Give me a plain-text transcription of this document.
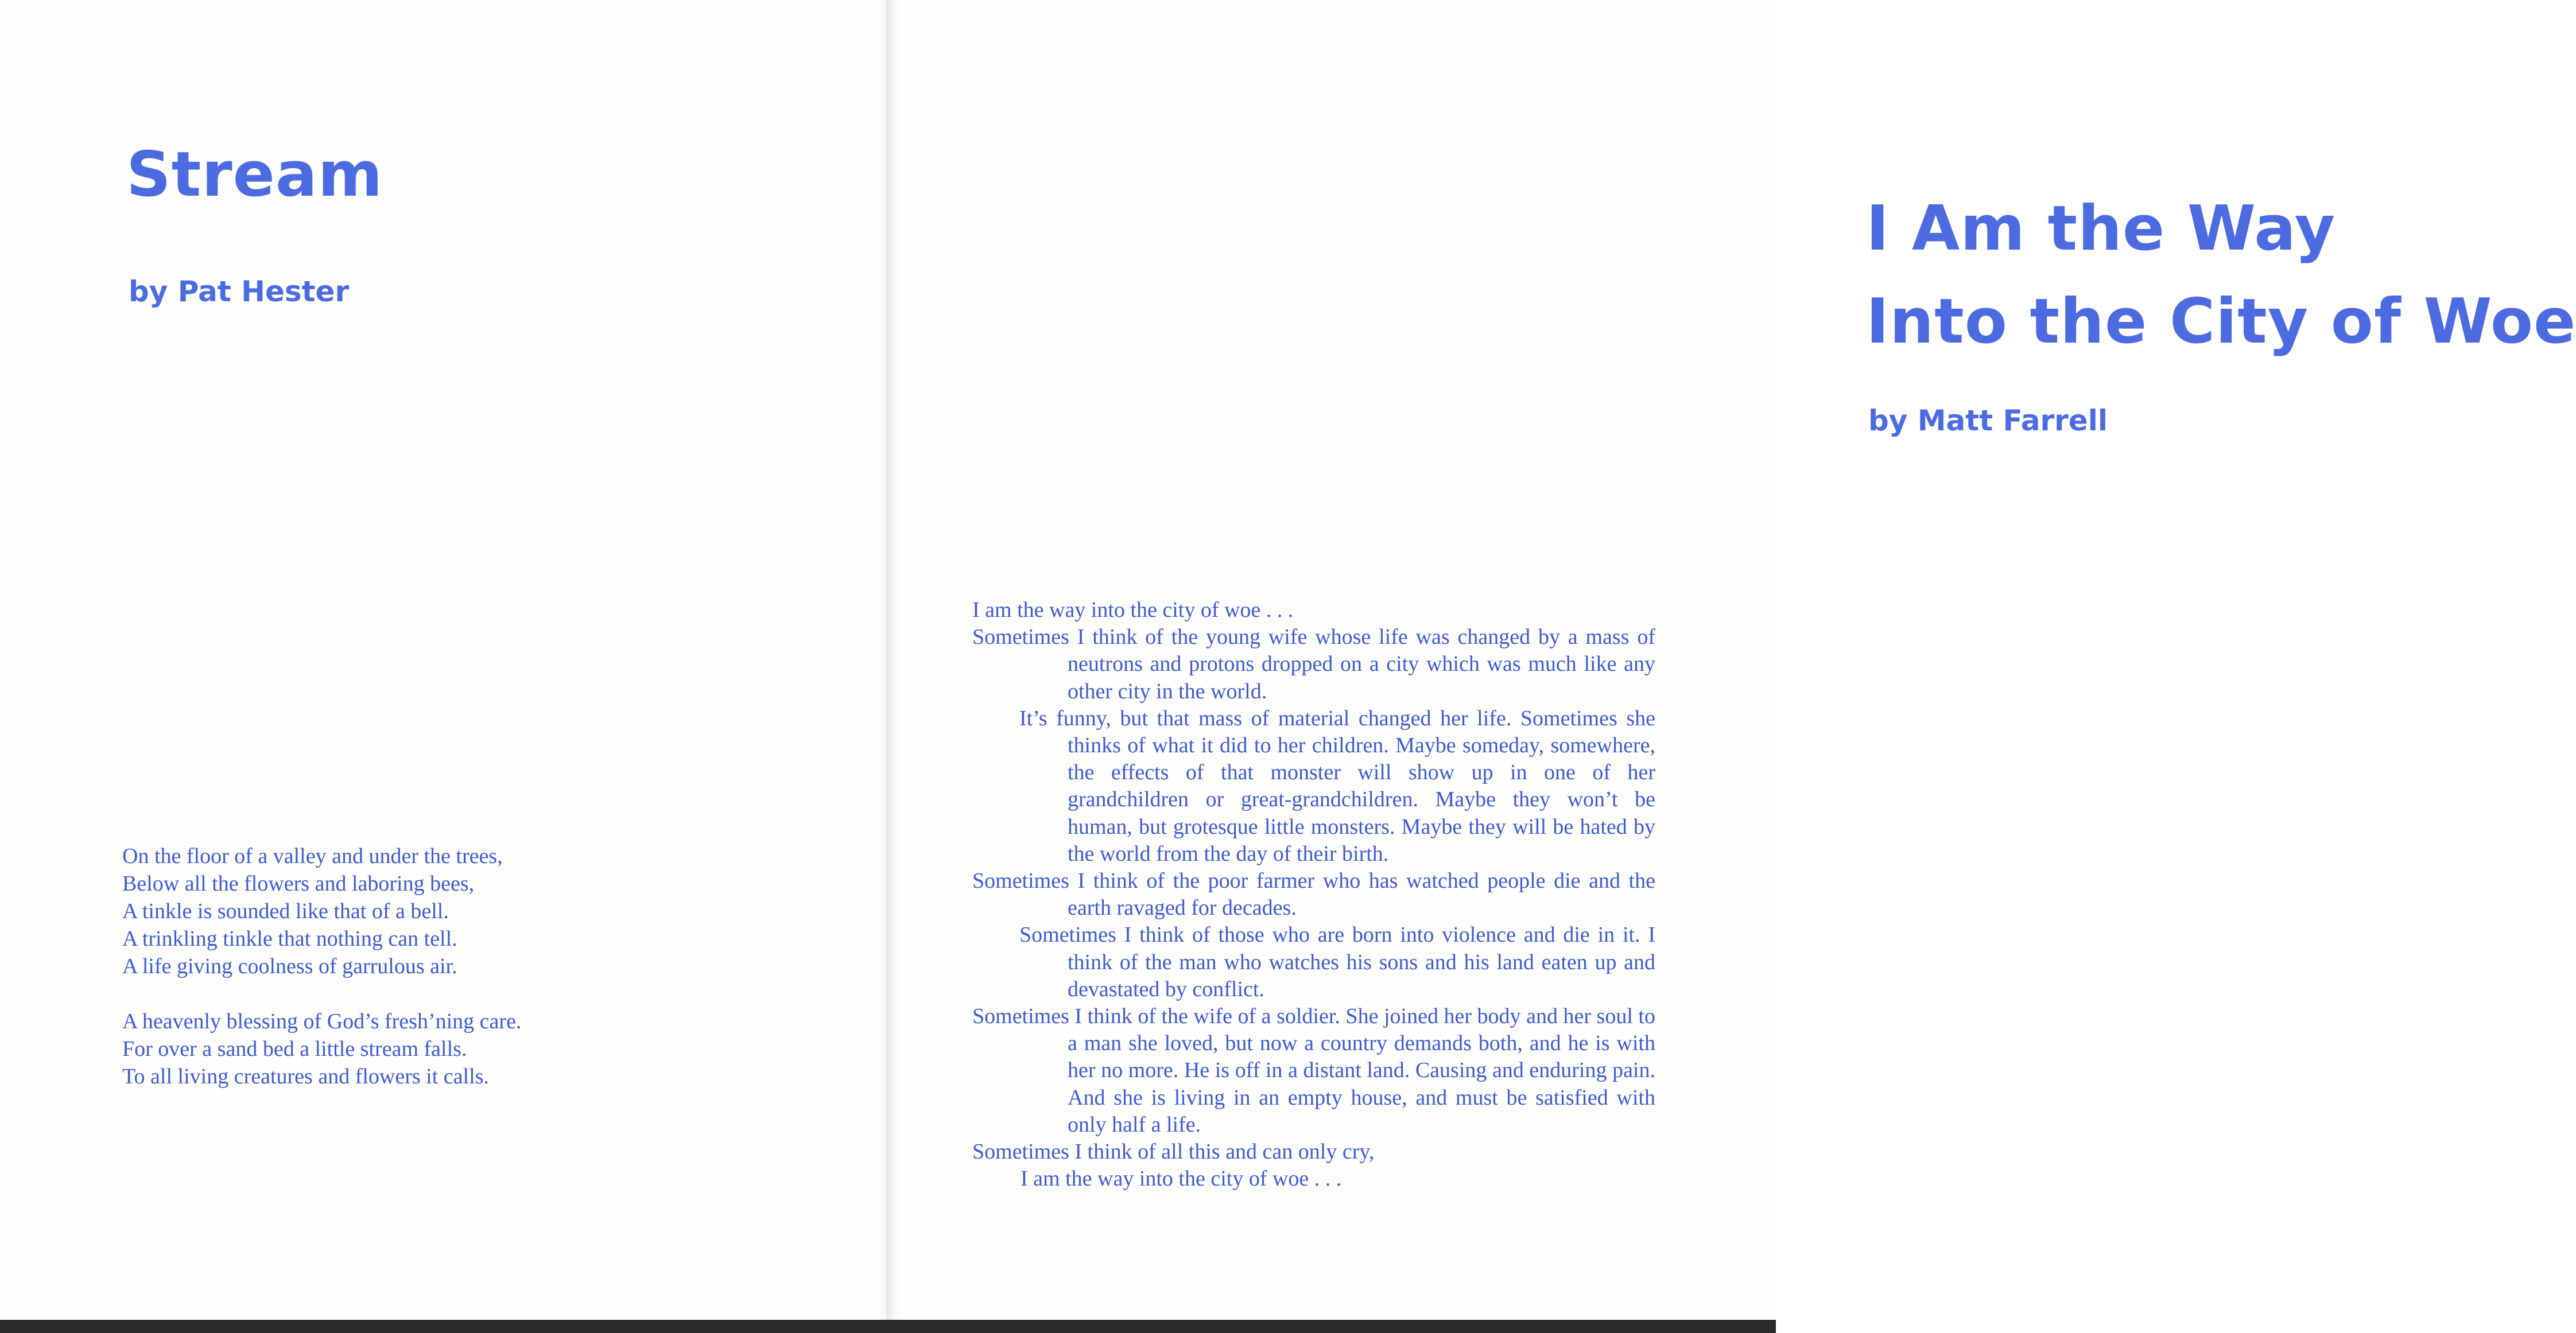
Stream
by Pat Hester
On the floor of a valley and under the trees,
Below all the flowers and laboring bees,
A tinkle is sounded like that of a bell.
A trinkling tinkle that nothing can tell.
A life giving coolness of garrulous air.
A heavenly blessing of God’s fresh’ning care.
For over a sand bed a little stream falls.
To all living creatures and flowers it calls.
I Am the Way
Into the City of Woe
by Matt Farrell

I am the way into the city of woe . . .

Sometimes I think of the young wife whose life was changed by a mass of neutrons and protons dropped on a city which was much like any other city in the world.

It’s funny, but that mass of material changed her life. Sometimes she thinks of what it did to her children. Maybe someday, somewhere, the effects of that monster will show up in one of her grandchildren or great-grandchildren. Maybe they won’t be human, but grotesque little monsters. Maybe they will be hated by the world from the day of their birth.

Sometimes I think of the poor farmer who has watched people die and the earth ravaged for decades.

Sometimes I think of those who are born into violence and die in it. I think of the man who watches his sons and his land eaten up and devastated by conflict.

Sometimes I think of the wife of a soldier. She joined her body and her soul to a man she loved, but now a country demands both, and he is with her no more. He is off in a distant land. Causing and enduring pain. And she is living in an empty house, and must be satisfied with only half a life.

Sometimes I think of all this and can only cry,

I am the way into the city of woe . . .
